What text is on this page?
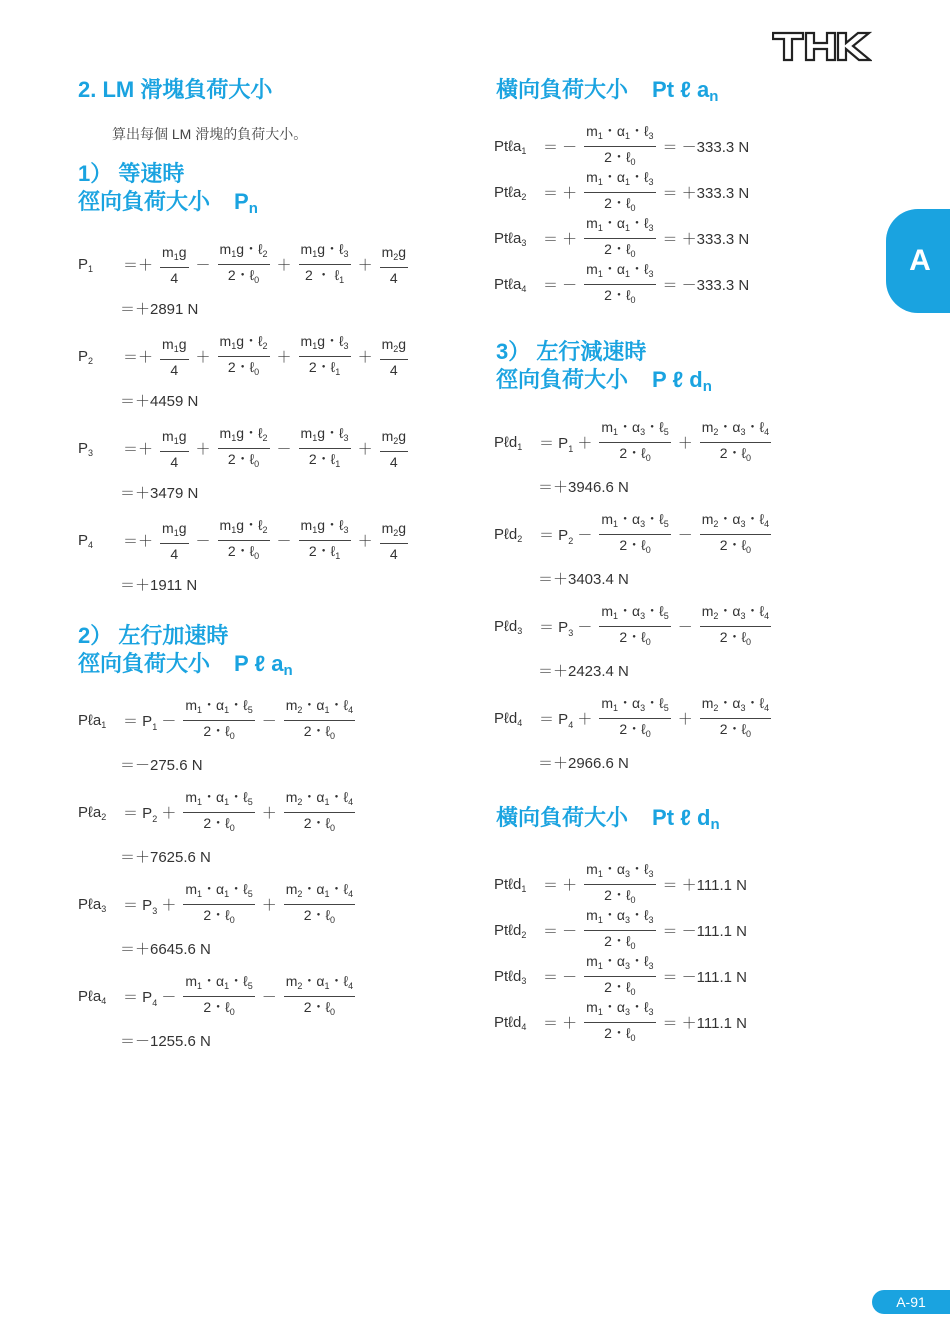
A
A-91
2. LM 滑塊負荷大小
算出每個 LM 滑塊的負荷大小。
1） 等速時
徑向負荷大小 $P_n$
$P_1$	＝＋ $\frac{m_1g}{4} - \frac{m_1g・\ell_2}{2・\ell_0} + \frac{m_1g・\ell_3}{2 ・ \ell_1} + \frac{m_2g}{4}$
＝＋2891 N
$P_2$	＝＋ $\frac{m_1g}{4} + \frac{m_1g・\ell_2}{2・\ell_0} + \frac{m_1g・\ell_3}{2・\ell_1} + \frac{m_2g}{4}$
＝＋4459 N
$P_3$	＝＋ $\frac{m_1g}{4} + \frac{m_1g・\ell_2}{2・\ell_0} - \frac{m_1g・\ell_3}{2・\ell_1} + \frac{m_2g}{4}$
＝＋3479 N
$P_4$	＝＋ $\frac{m_1g}{4} - \frac{m_1g・\ell_2}{2・\ell_0} - \frac{m_1g・\ell_3}{2・\ell_1} + \frac{m_2g}{4}$
＝＋1911 N
2） 左行加速時
徑向負荷大小 P ℓ $a_n$
Pℓa$_1$	＝ $P_1 - \frac{m_1・\alpha_1・\ell_5}{2・\ell_0} - \frac{m_2・\alpha_1・\ell_4}{2・\ell_0}$
＝－275.6 N
Pℓa$_2$	＝ $P_2 + \frac{m_1・\alpha_1・\ell_5}{2・\ell_0} + \frac{m_2・\alpha_1・\ell_4}{2・\ell_0}$
＝＋7625.6 N
Pℓa$_3$	＝ $P_3 + \frac{m_1・\alpha_1・\ell_5}{2・\ell_0} + \frac{m_2・\alpha_1・\ell_4}{2・\ell_0}$
＝＋6645.6 N
Pℓa$_4$	＝ $P_4 - \frac{m_1・\alpha_1・\ell_5}{2・\ell_0} - \frac{m_2・\alpha_1・\ell_4}{2・\ell_0}$
＝－1255.6 N
橫向負荷大小 Pt ℓ $a_n$
Ptℓa$_1$	＝ － $\frac{m_1・\alpha_1・\ell_3}{2・\ell_0} = -333.3$ N
Ptℓa$_2$	＝ ＋ $\frac{m_1・\alpha_1・\ell_3}{2・\ell_0} = +333.3$ N
Ptℓa$_3$	＝ ＋ $\frac{m_1・\alpha_1・\ell_3}{2・\ell_0} = +333.3$ N
Ptℓa$_4$	＝ － $\frac{m_1・\alpha_1・\ell_3}{2・\ell_0} = -333.3$ N
3） 左行減速時
徑向負荷大小 P ℓ $d_n$
Pℓd$_1$	＝ $P_1 + \frac{m_1・\alpha_3・\ell_5}{2・\ell_0} + \frac{m_2・\alpha_3・\ell_4}{2・\ell_0}$
＝＋3946.6 N
Pℓd$_2$	＝ $P_2 - \frac{m_1・\alpha_3・\ell_5}{2・\ell_0} - \frac{m_2・\alpha_3・\ell_4}{2・\ell_0}$
＝＋3403.4 N
Pℓd$_3$	＝ $P_3 - \frac{m_1・\alpha_3・\ell_5}{2・\ell_0} - \frac{m_2・\alpha_3・\ell_4}{2・\ell_0}$
＝＋2423.4 N
Pℓd$_4$	＝ $P_4 + \frac{m_1・\alpha_3・\ell_5}{2・\ell_0} + \frac{m_2・\alpha_3・\ell_4}{2・\ell_0}$
＝＋2966.6 N
橫向負荷大小 Pt ℓ $d_n$
Ptℓd$_1$	＝ ＋ $\frac{m_1・\alpha_3・\ell_3}{2・\ell_0} = +111.1$ N
Ptℓd$_2$	＝ － $\frac{m_1・\alpha_3・\ell_3}{2・\ell_0} = -111.1$ N
Ptℓd$_3$	＝ － $\frac{m_1・\alpha_3・\ell_3}{2・\ell_0} = -111.1$ N
Ptℓd$_4$	＝ ＋ $\frac{m_1・\alpha_3・\ell_3}{2・\ell_0} = +111.1$ N
